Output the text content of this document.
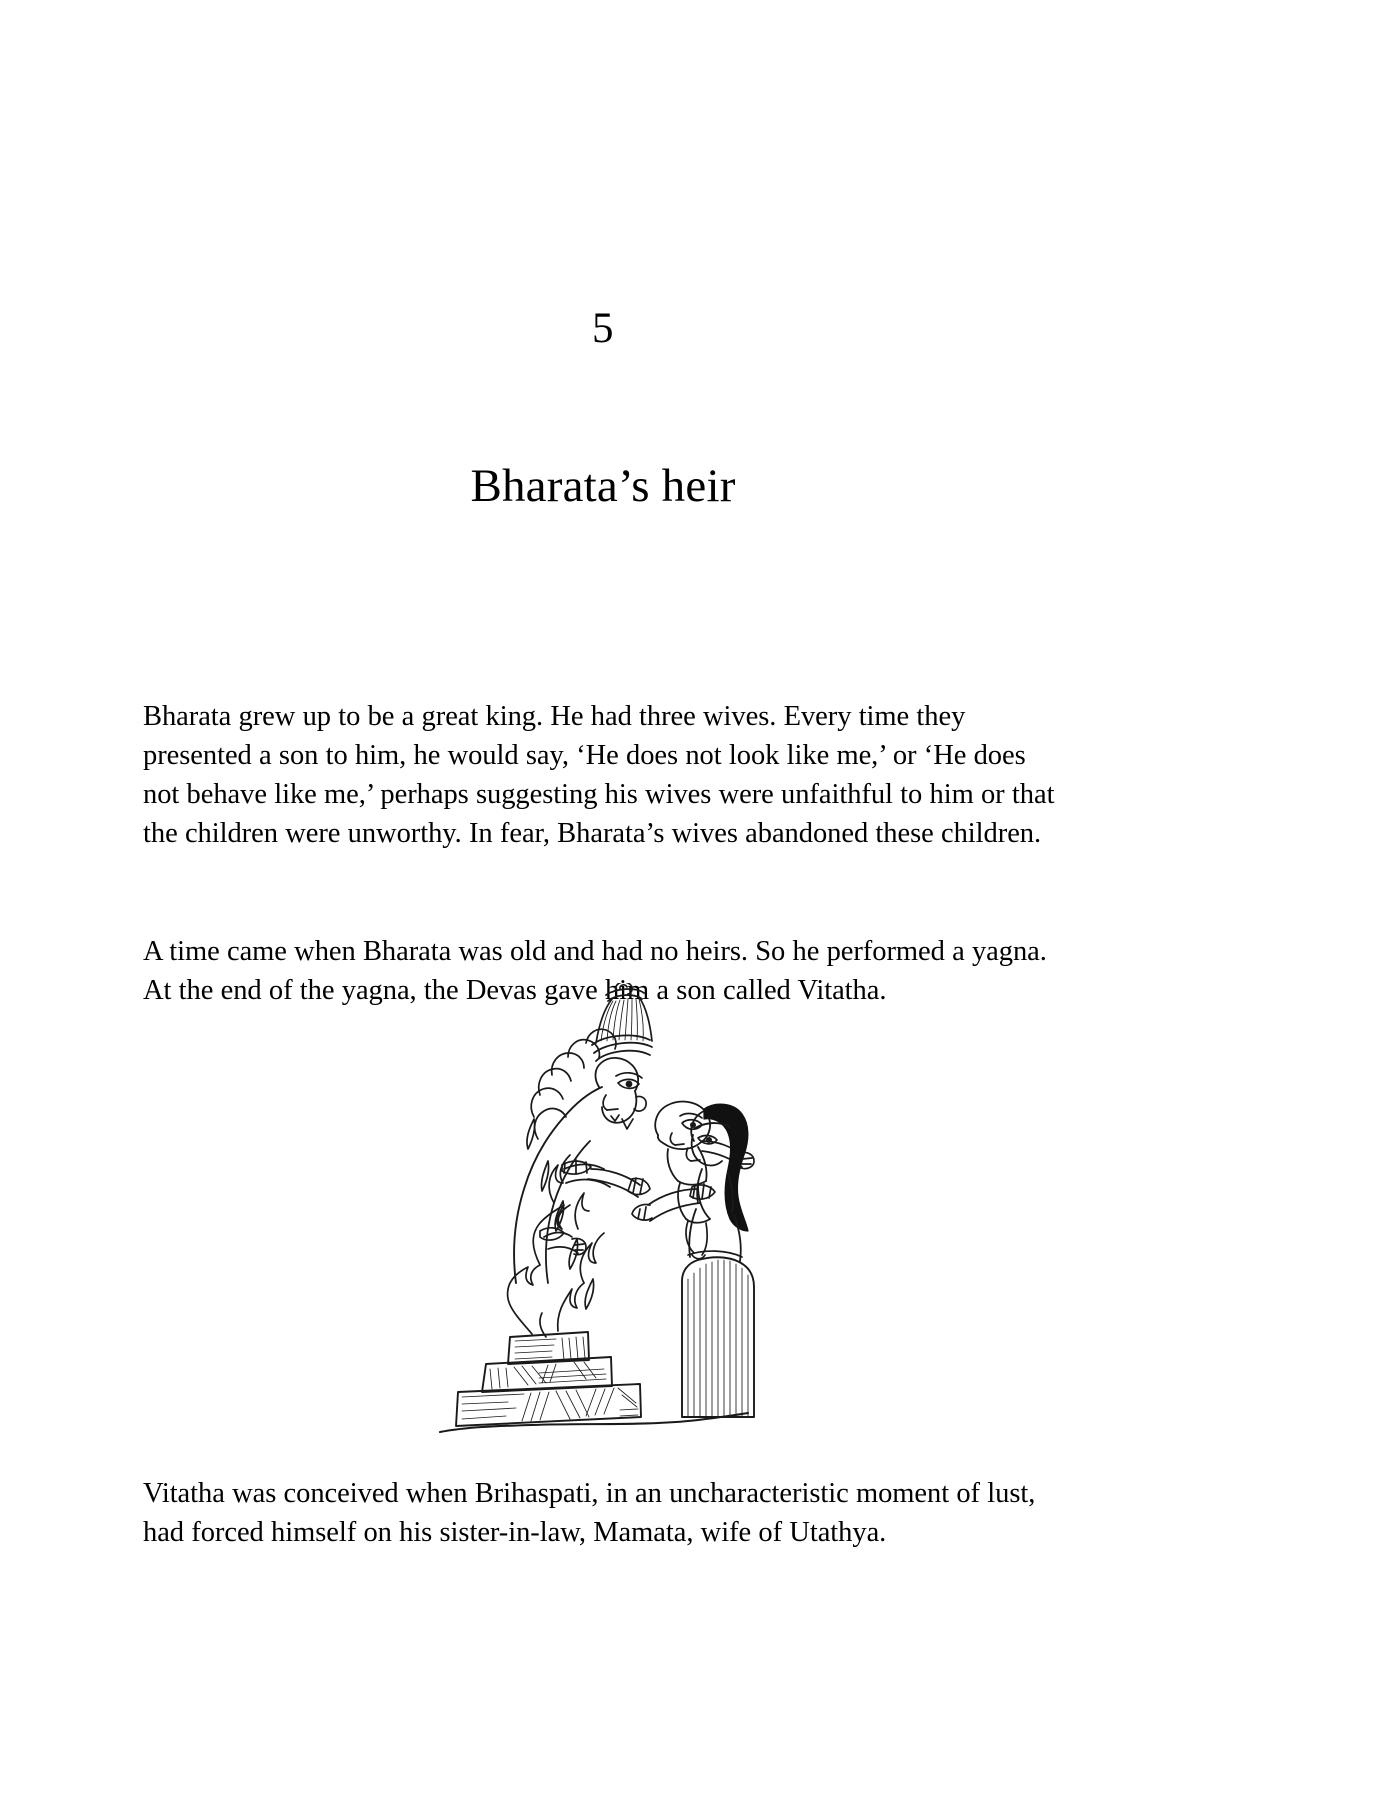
5
Bharata’s heir

Bharata grew up to be a great king. He had three wives. Every time they presented a son to him, he would say, ‘He does not look like me,’ or ‘He does not behave like me,’ perhaps suggesting his wives were unfaithful to him or that the children were unworthy. In fear, Bharata’s wives abandoned these children.

A time came when Bharata was old and had no heirs. So he performed a yagna. At the end of the yagna, the Devas gave him a son called Vitatha.

Vitatha was conceived when Brihaspati, in an uncharacteristic moment of lust, had forced himself on his sister-in-law, Mamata, wife of Utathya.
